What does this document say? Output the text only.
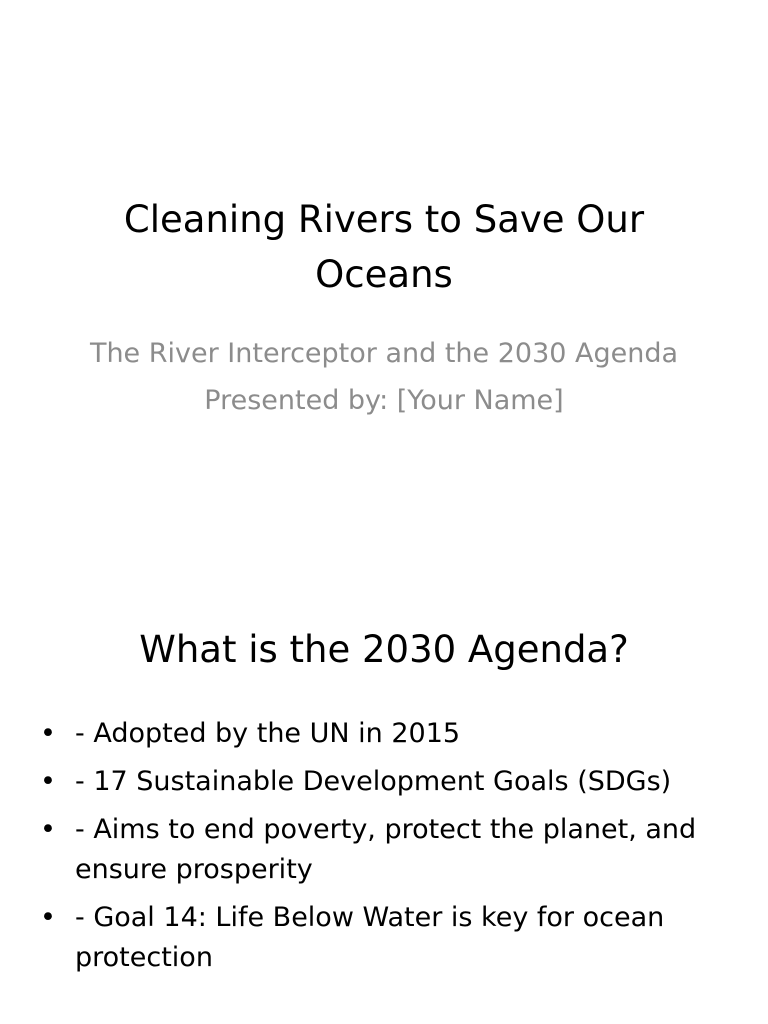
Cleaning Rivers to Save Our Oceans
The River Interceptor and the 2030 Agenda
Presented by: [Your Name]
What is the 2030 Agenda?
• - Adopted by the UN in 2015
• - 17 Sustainable Development Goals (SDGs)
• - Aims to end poverty, protect the planet, and ensure prosperity
• - Goal 14: Life Below Water is key for ocean protection
